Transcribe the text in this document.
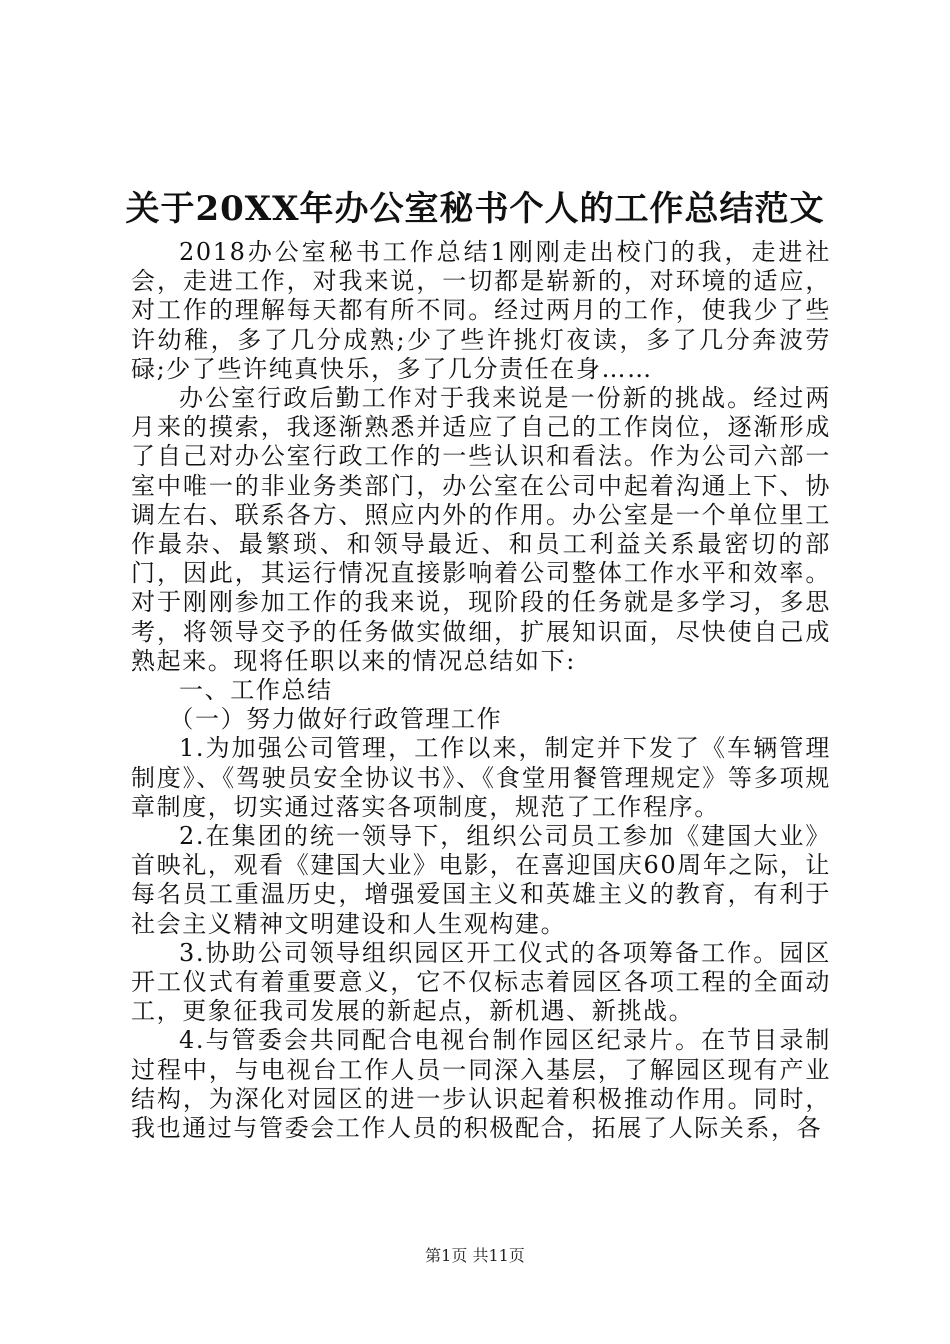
关于20XX年办公室秘书个人的工作总结范文

2018办公室秘书工作总结1刚刚走出校门的我，走进社会，走进工作，对我来说，一切都是崭新的，对环境的适应，对工作的理解每天都有所不同。经过两月的工作，使我少了些许幼稚，多了几分成熟;少了些许挑灯夜读，多了几分奔波劳碌;少了些许纯真快乐，多了几分责任在身……

办公室行政后勤工作对于我来说是一份新的挑战。经过两月来的摸索，我逐渐熟悉并适应了自己的工作岗位，逐渐形成了自己对办公室行政工作的一些认识和看法。作为公司六部一室中唯一的非业务类部门，办公室在公司中起着沟通上下、协调左右、联系各方、照应内外的作用。办公室是一个单位里工作最杂、最繁琐、和领导最近、和员工利益关系最密切的部门，因此，其运行情况直接影响着公司整体工作水平和效率。对于刚刚参加工作的我来说，现阶段的任务就是多学习，多思考，将领导交予的任务做实做细，扩展知识面，尽快使自己成熟起来。现将任职以来的情况总结如下:

一、工作总结

（一）努力做好行政管理工作

1.为加强公司管理，工作以来，制定并下发了《车辆管理制度》、《驾驶员安全协议书》、《食堂用餐管理规定》等多项规章制度，切实通过落实各项制度，规范了工作程序。

2.在集团的统一领导下，组织公司员工参加《建国大业》首映礼，观看《建国大业》电影，在喜迎国庆60周年之际，让每名员工重温历史，增强爱国主义和英雄主义的教育，有利于社会主义精神文明建设和人生观构建。

3.协助公司领导组织园区开工仪式的各项筹备工作。园区开工仪式有着重要意义，它不仅标志着园区各项工程的全面动工，更象征我司发展的新起点，新机遇、新挑战。

4.与管委会共同配合电视台制作园区纪录片。在节目录制过程中，与电视台工作人员一同深入基层，了解园区现有产业结构，为深化对园区的进一步认识起着积极推动作用。同时，我也通过与管委会工作人员的积极配合，拓展了人际关系，各

第1页 共11页
